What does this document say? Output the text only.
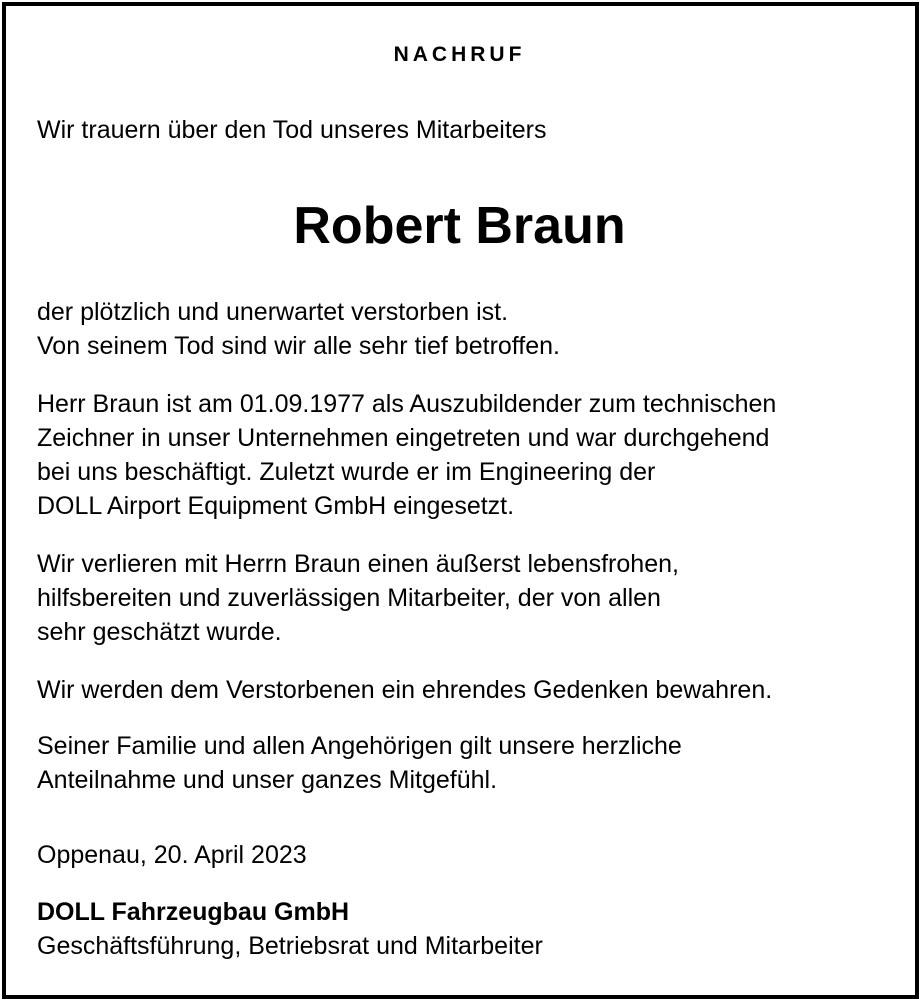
NACHRUF
Wir trauern über den Tod unseres Mitarbeiters
Robert Braun
der plötzlich und unerwartet verstorben ist.
Von seinem Tod sind wir alle sehr tief betroffen.
Herr Braun ist am 01.09.1977 als Auszubildender zum technischen
Zeichner in unser Unternehmen eingetreten und war durchgehend
bei uns beschäftigt. Zuletzt wurde er im Engineering der
DOLL Airport Equipment GmbH eingesetzt.
Wir verlieren mit Herrn Braun einen äußerst lebensfrohen,
hilfsbereiten und zuverlässigen Mitarbeiter, der von allen
sehr geschätzt wurde.
Wir werden dem Verstorbenen ein ehrendes Gedenken bewahren.
Seiner Familie und allen Angehörigen gilt unsere herzliche
Anteilnahme und unser ganzes Mitgefühl.
Oppenau, 20. April 2023
DOLL Fahrzeugbau GmbH
Geschäftsführung, Betriebsrat und Mitarbeiter
